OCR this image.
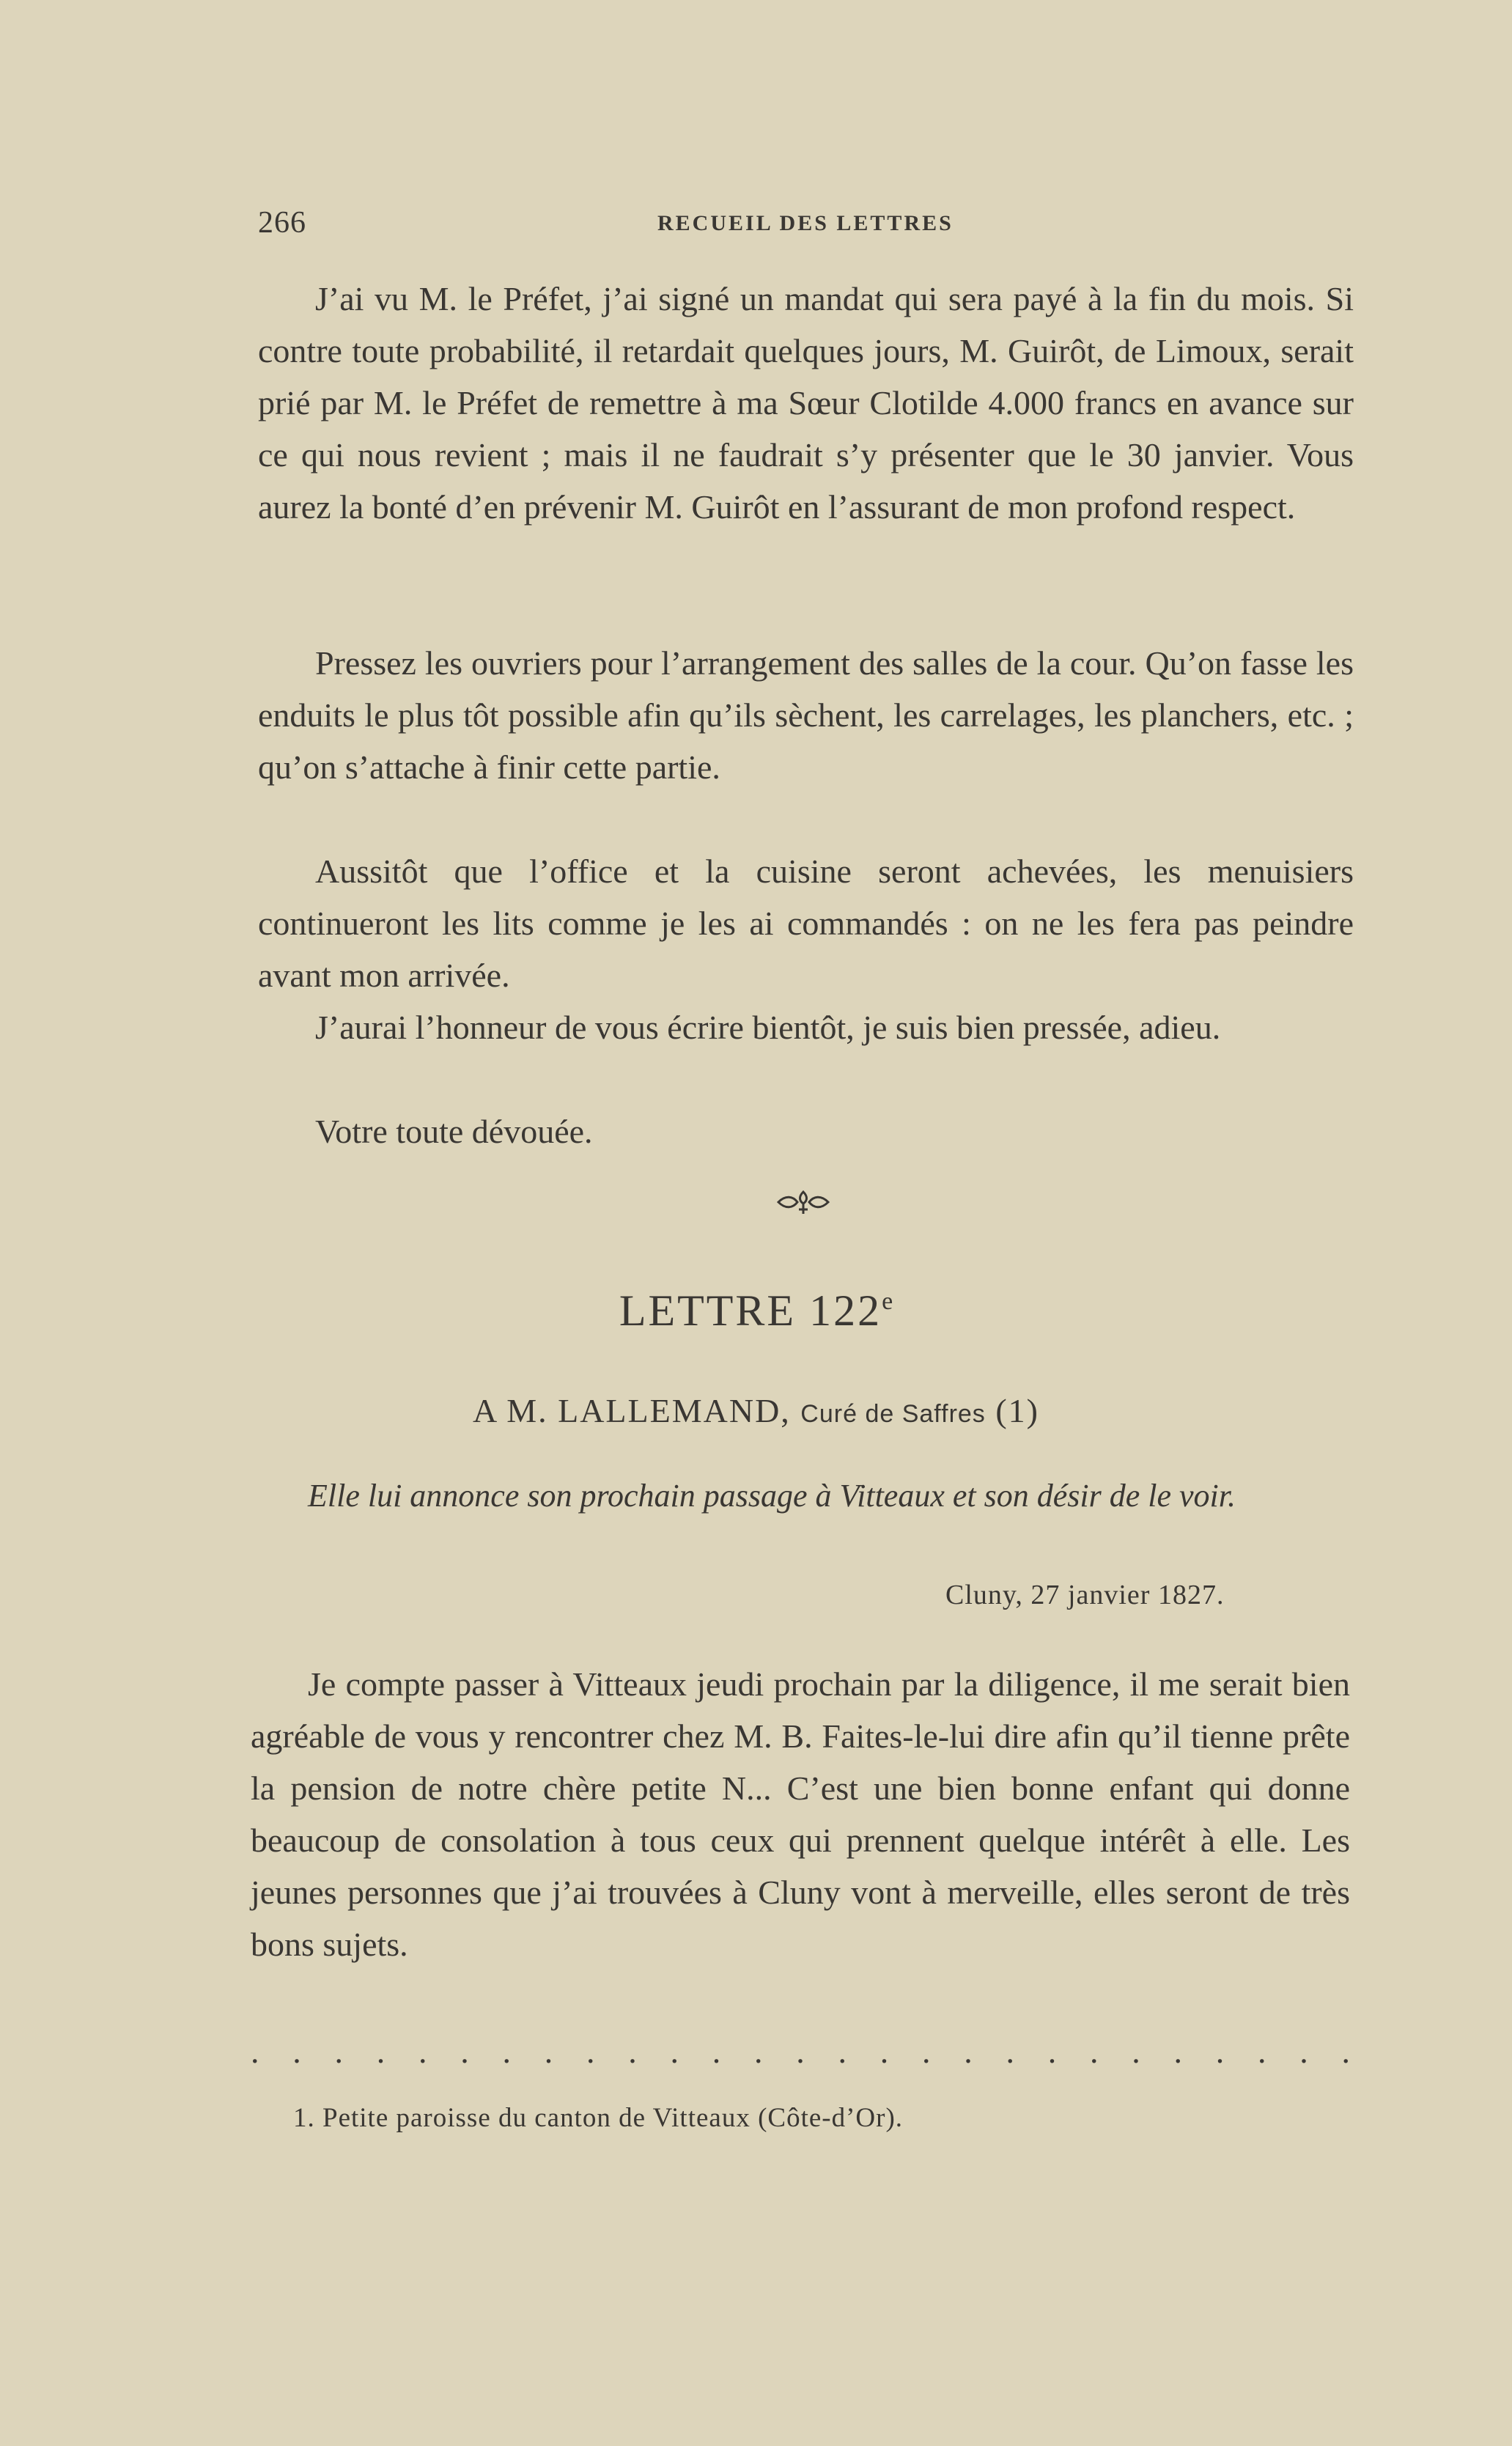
266	RECUEIL DES LETTRES

J’ai vu M. le Préfet, j’ai signé un mandat qui sera payé à la fin du mois. Si contre toute probabilité, il retardait quelques jours, M. Guirôt, de Limoux, serait prié par M. le Préfet de remettre à ma Sœur Clotilde 4.000 francs en avance sur ce qui nous revient ; mais il ne faudrait s’y présenter que le 30 janvier. Vous aurez la bonté d’en prévenir M. Guirôt en l’assurant de mon profond respect.

Pressez les ouvriers pour l’arrangement des salles de la cour. Qu’on fasse les enduits le plus tôt possible afin qu’ils sèchent, les carrelages, les planchers, etc. ; qu’on s’attache à finir cette partie.

Aussitôt que l’office et la cuisine seront achevées, les menuisiers continueront les lits comme je les ai commandés : on ne les fera pas peindre avant mon arrivée.

J’aurai l’honneur de vous écrire bientôt, je suis bien pressée, adieu.

Votre toute dévouée.

LETTRE 122e
A M. LALLEMAND, Curé de Saffres (1)

Elle lui annonce son prochain passage à Vitteaux et son désir de le voir.

Cluny, 27 janvier 1827.

Je compte passer à Vitteaux jeudi prochain par la diligence, il me serait bien agréable de vous y rencontrer chez M. B. Faites-le-lui dire afin qu’il tienne prête la pension de notre chère petite N... C’est une bien bonne enfant qui donne beaucoup de consolation à tous ceux qui prennent quelque intérêt à elle. Les jeunes personnes que j’ai trouvées à Cluny vont à merveille, elles seront de très bons sujets.

. . . . . . . . . . . . . . . . . . . . . . . . . . .
1. Petite paroisse du canton de Vitteaux (Côte-d’Or).
